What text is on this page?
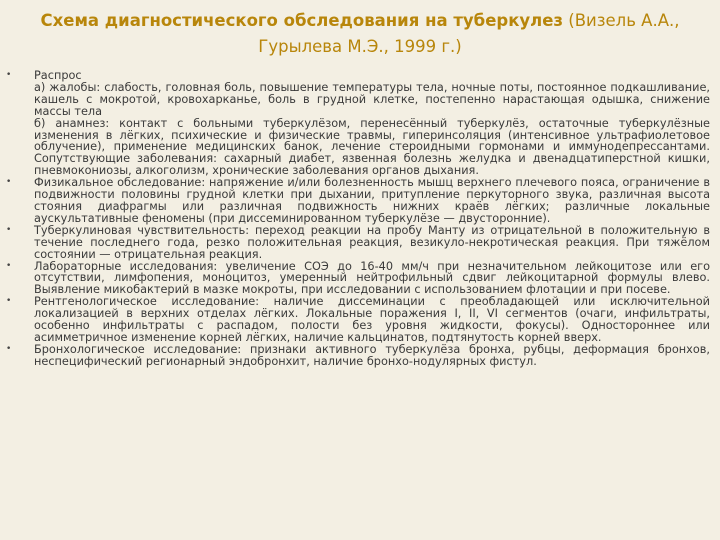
Схема диагностического обследования на туберкулез (Визель А.А., Гурылева М.Э., 1999 г.)
• Распрос

а) жалобы: слабость, головная боль, повышение температуры тела, ночные поты, постоянное подкашливание, кашель с мокротой, кровохарканье, боль в грудной клетке, постепенно нарастающая одышка, снижение массы тела

б) анамнез: контакт с больными туберкулёзом, перенесённый туберкулёз, остаточные туберкулёзные изменения в лёгких, психические и физические травмы, гиперинсоляция (интенсивное ультрафиолетовое облучение), применение медицинских банок, лечение стероидными гормонами и иммунодепрессантами. Сопутствующие заболевания: сахарный диабет, язвенная болезнь желудка и двенадцатиперстной кишки, пневмокониозы, алкоголизм, хронические заболевания органов дыхания.

• Физикальное обследование: напряжение и/или болезненность мышц верхнего плечевого пояса, ограничение в подвижности половины грудной клетки при дыхании, притупление перкуторного звука, различная высота стояния диафрагмы или различная подвижность нижних краёв лёгких; различные локальные аускультативные феномены (при диссеминированном туберкулёзе — двусторонние).

• Туберкулиновая чувствительность: переход реакции на пробу Манту из отрицательной в положительную в течение последнего года, резко положительная реакция, везикуло-некротическая реакция. При тяжёлом состоянии — отрицательная реакция.

• Лабораторные исследования: увеличение СОЭ до 16-40 мм/ч при незначительном лейкоцитозе или его отсутствии, лимфопения, моноцитоз, умеренный нейтрофильный сдвиг лейкоцитарной формулы влево. Выявление микобактерий в мазке мокроты, при исследовании с использованием флотации и при посеве.

• Рентгенологическое исследование: наличие диссеминации с преобладающей или исключительной локализацией в верхних отделах лёгких. Локальные поражения I, II, VI сегментов (очаги, инфильтраты, особенно инфильтраты с распадом, полости без уровня жидкости, фокусы). Одностороннее или асимметричное изменение корней лёгких, наличие кальцинатов, подтянутость корней вверх.

• Бронхологическое исследование: признаки активного туберкулёза бронха, рубцы, деформация бронхов, неспецифический регионарный эндобронхит, наличие бронхо-нодулярных фистул.
